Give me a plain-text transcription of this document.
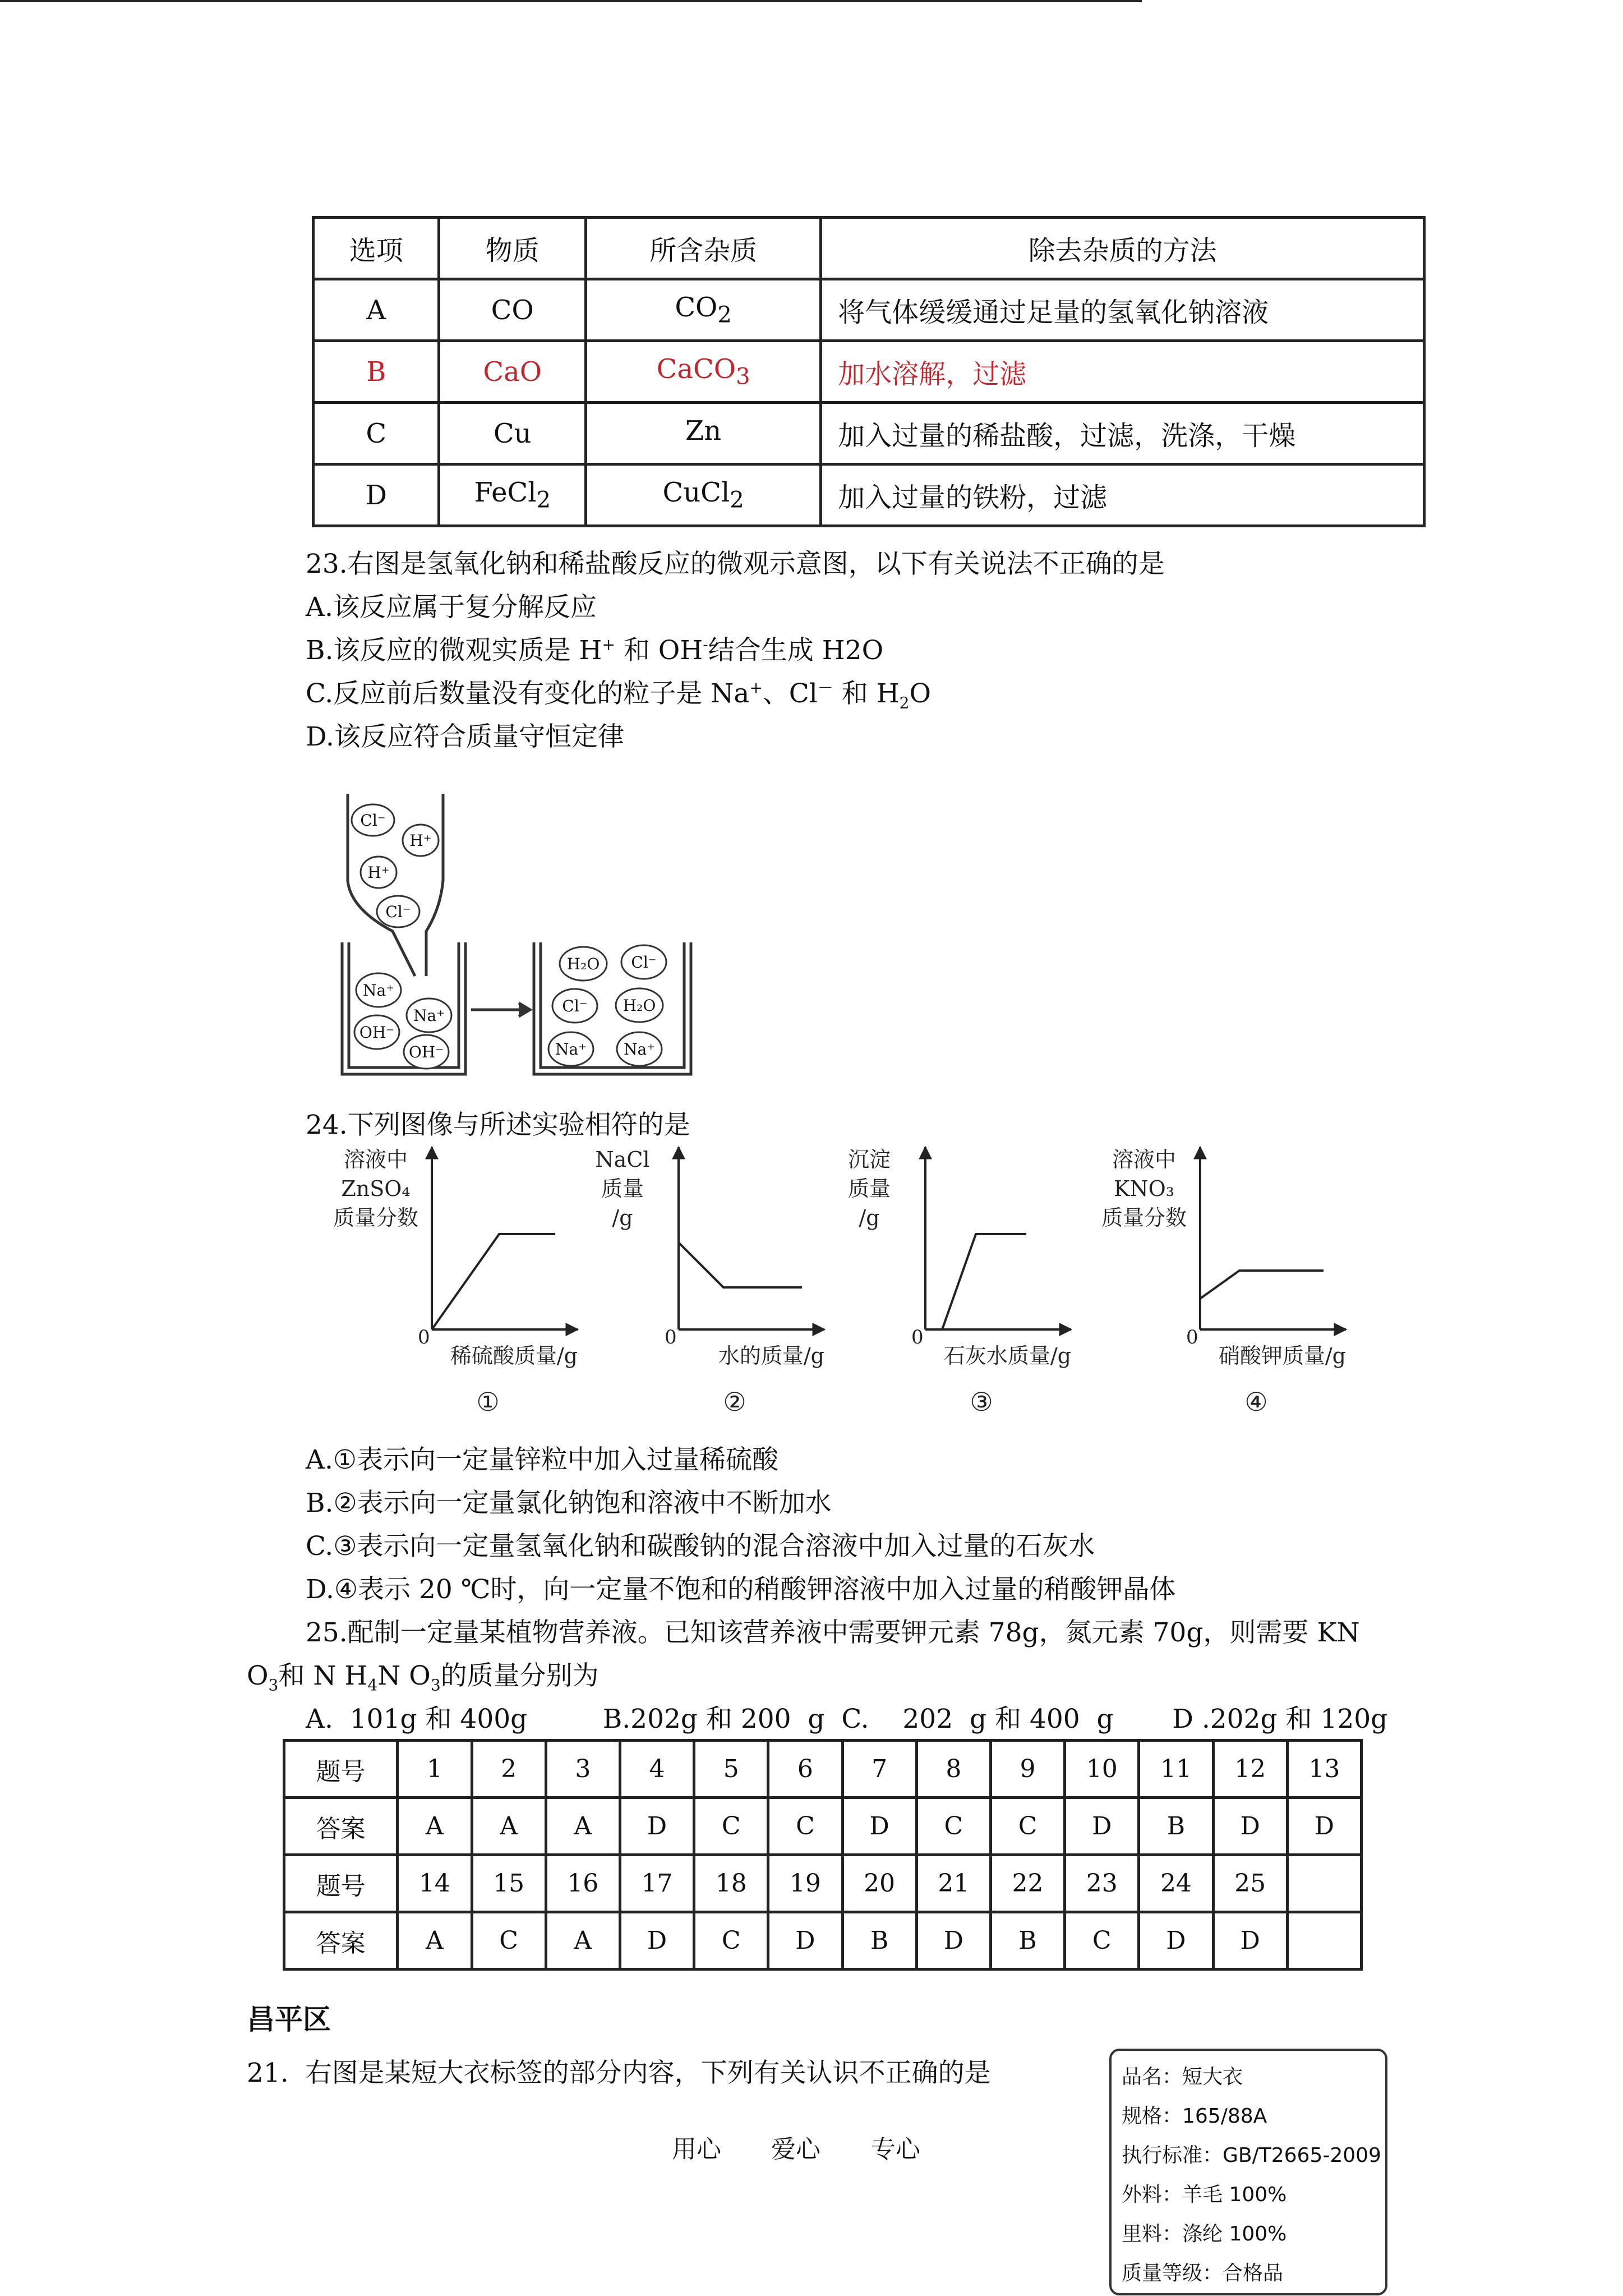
选项	物质	所含杂质	除去杂质的方法
A	CO	$CO_2$	将气体缓缓通过足量的氢氧化钠溶液
B	CaO	CaCO$_3$	加水溶解，过滤
C	Cu	Zn	加入过量的稀盐酸，过滤，洗涤，干燥
D	FeCl$_2$	CuCl$_2$	加入过量的铁粉，过滤
23.右图是氢氧化钠和稀盐酸反应的微观示意图，以下有关说法不正确的是
A.该反应属于复分解反应
B.该反应的微观实质是 H+ 和 OH-结合生成 H2O
C.反应前后数量没有变化的粒子是 Na+、Cl－ 和 $H_2O$
D.该反应符合质量守恒定律
Cl⁻
H⁺
H⁺
Cl⁻
Na⁺
Na⁺
OH⁻
OH⁻
H₂O Cl⁻
Cl⁻ H₂O
Na⁺ Na⁺
24.下列图像与所述实验相符的是
溶液中
ZnSO₄
质量分数
0
稀硫酸质量/g
①
NaCl
质量
/g
0
水的质量/g
②
沉淀
质量
/g
0
石灰水质量/g
③
溶液中
KNO₃
质量分数
0
硝酸钾质量/g
④
A.①表示向一定量锌粒中加入过量稀硫酸
B.②表示向一定量氯化钠饱和溶液中不断加水
C.③表示向一定量氢氧化钠和碳酸钠的混合溶液中加入过量的石灰水
D.④表示 20 ℃时，向一定量不饱和的稍酸钾溶液中加入过量的稍酸钾晶体
25.配制一定量某植物营养液。已知该营养液中需要钾元素 78g，氮元素 70g，则需要 KN
$O_3$和 N $H_4N$ $O_3$的质量分别为
A.  101g 和 400g         B.202g 和 200  g  C.    202  g 和 400  g       D .202g 和 120g
题号	1	2	3	4	5	6	7	8	9	10	11	12	13
答案	A	A	A	D	C	C	D	C	C	D	B	D	D
题号	14	15	16	17	18	19	20	21	22	23	24	25	
答案	A	C	A	D	C	D	B	D	B	C	D	D	
昌平区
21.  右图是某短大衣标签的部分内容，下列有关认识不正确的是
用心 爱心 专心
品名：短大衣
规格：165/88A
执行标准：GB/T2665-2009
外料：羊毛 100%
里料：涤纶 100%
质量等级：合格品
